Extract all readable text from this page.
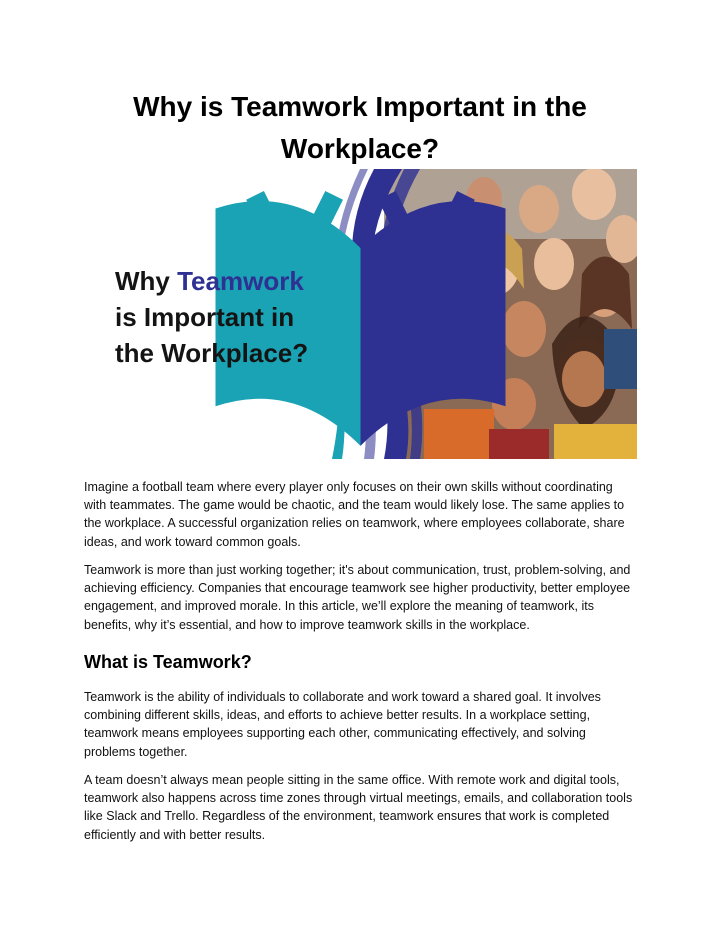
Why is Teamwork Important in the Workplace?
Why Teamwork
is Important in
the Workplace?

Imagine a football team where every player only focuses on their own skills without coordinating with teammates. The game would be chaotic, and the team would likely lose. The same applies to the workplace. A successful organization relies on teamwork, where employees collaborate, share ideas, and work toward common goals.

Teamwork is more than just working together; it's about communication, trust, problem-solving, and achieving efficiency. Companies that encourage teamwork see higher productivity, better employee engagement, and improved morale. In this article, we’ll explore the meaning of teamwork, its benefits, why it’s essential, and how to improve teamwork skills in the workplace.

What is Teamwork?

Teamwork is the ability of individuals to collaborate and work toward a shared goal. It involves combining different skills, ideas, and efforts to achieve better results. In a workplace setting, teamwork means employees supporting each other, communicating effectively, and solving problems together.

A team doesn’t always mean people sitting in the same office. With remote work and digital tools, teamwork also happens across time zones through virtual meetings, emails, and collaboration tools like Slack and Trello. Regardless of the environment, teamwork ensures that work is completed efficiently and with better results.
